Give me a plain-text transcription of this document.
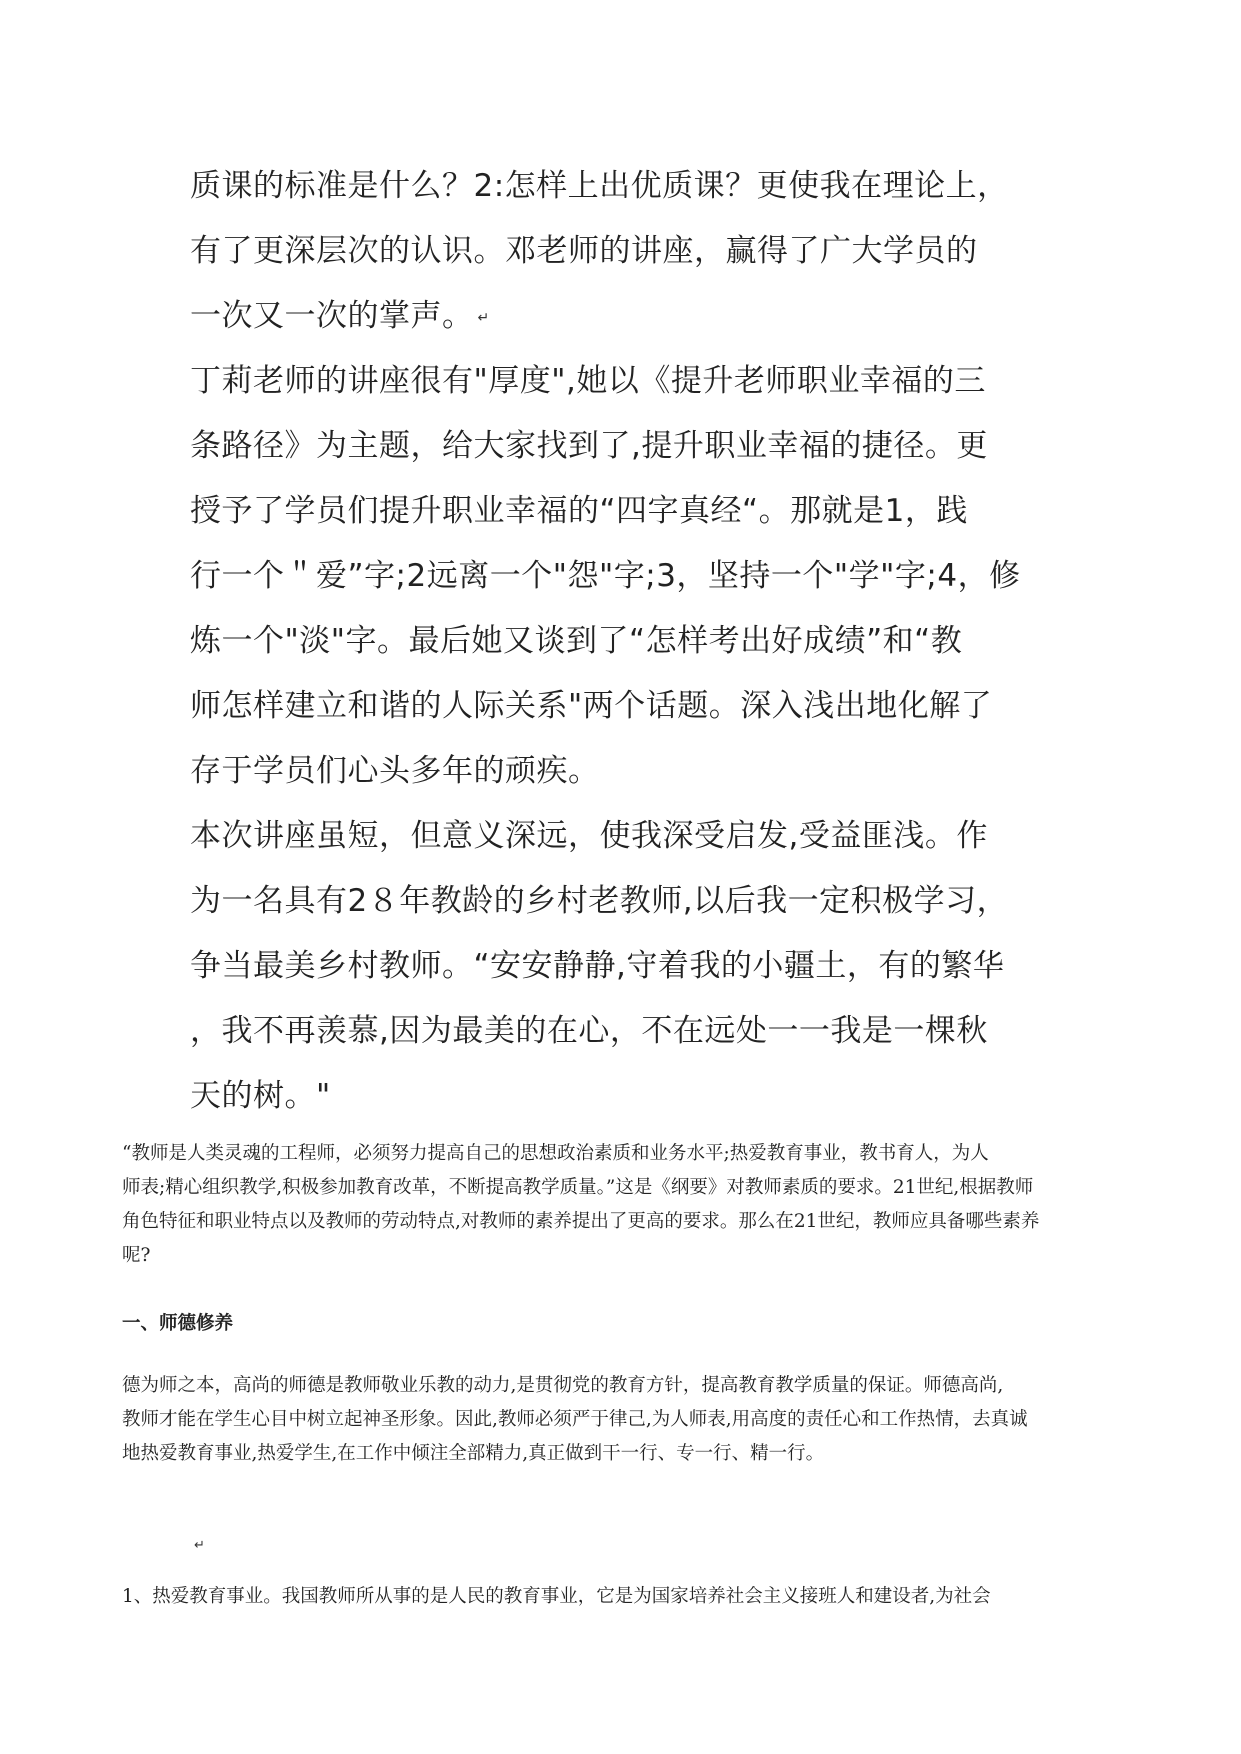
质课的标准是什么？2:怎样上出优质课？更使我在理论上，
有了更深层次的认识。邓老师的讲座，赢得了广大学员的
一次又一次的掌声。 ↵
丁莉老师的讲座很有"厚度",她以《提升老师职业幸福的三
条路径》为主题，给大家找到了,提升职业幸福的捷径。更
授予了学员们提升职业幸福的“四字真经“。那就是1，践
行一个＂爱”字;2远离一个"怨"字;3，坚持一个"学"字;4，修
炼一个"淡"字。最后她又谈到了“怎样考出好成绩”和“教
师怎样建立和谐的人际关系"两个话题。深入浅出地化解了
存于学员们心头多年的顽疾。
本次讲座虽短，但意义深远，使我深受启发,受益匪浅。作
为一名具有2８年教龄的乡村老教师,以后我一定积极学习，
争当最美乡村教师。“安安静静,守着我的小疆土，有的繁华
，我不再羡慕,因为最美的在心，不在远处一一我是一棵秋
天的树。"
“教师是人类灵魂的工程师，必须努力提高自己的思想政治素质和业务水平;热爱教育事业，教书育人，为人
师表;精心组织教学,积极参加教育改革，不断提高教学质量。”这是《纲要》对教师素质的要求。21世纪,根据教师
角色特征和职业特点以及教师的劳动特点,对教师的素养提出了更高的要求。那么在21世纪，教师应具备哪些素养
呢?
一、师德修养
德为师之本，高尚的师德是教师敬业乐教的动力,是贯彻党的教育方针，提高教育教学质量的保证。师德高尚,
教师才能在学生心目中树立起神圣形象。因此,教师必须严于律己,为人师表,用高度的责任心和工作热情，去真诚
地热爱教育事业,热爱学生,在工作中倾注全部精力,真正做到干一行、专一行、精一行。
↵
1、热爱教育事业。我国教师所从事的是人民的教育事业，它是为国家培养社会主义接班人和建设者,为社会
